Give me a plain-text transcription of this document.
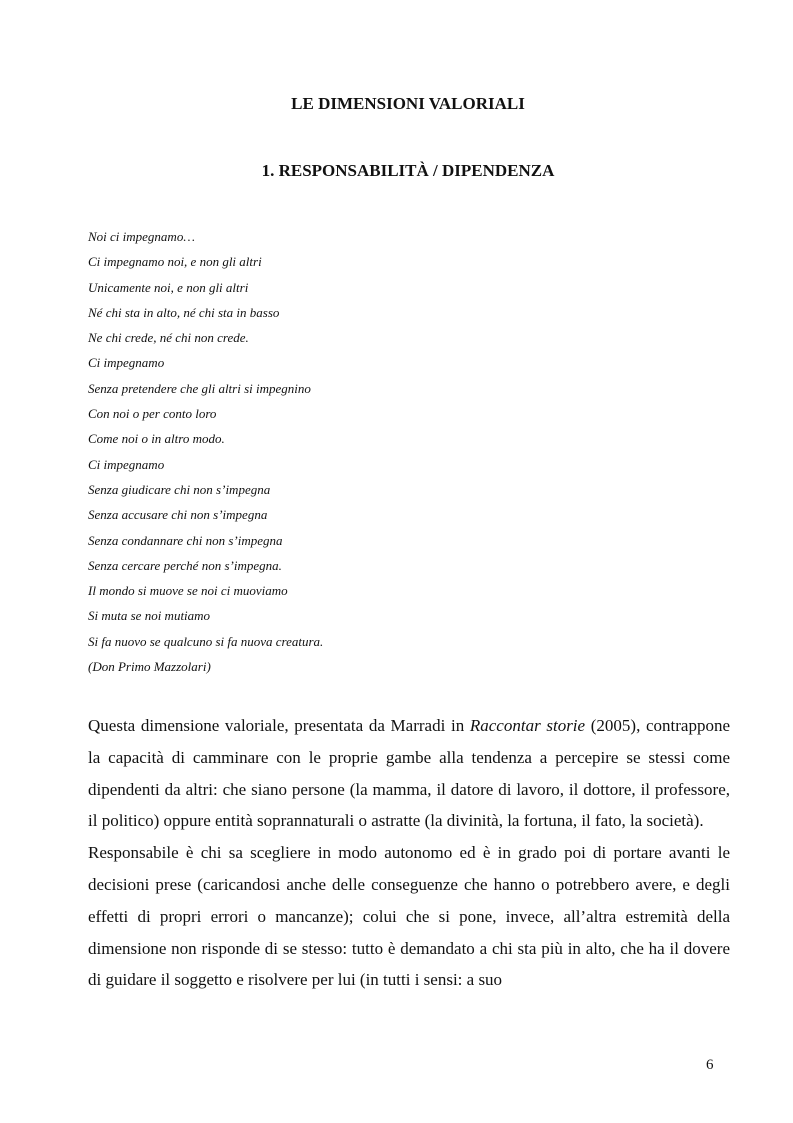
LE DIMENSIONI VALORIALI
1. RESPONSABILITÀ / DIPENDENZA
Noi ci impegnamo…
Ci impegnamo noi, e non gli altri
Unicamente noi, e non gli altri
Né chi sta in alto, né chi sta in basso
Ne chi crede, né chi non crede.
Ci impegnamo
Senza pretendere che gli altri si impegnino
Con noi o per conto loro
Come noi o in altro modo.
Ci impegnamo
Senza giudicare chi non s’impegna
Senza accusare chi non s’impegna
Senza condannare chi non s’impegna
Senza cercare perché non s’impegna.
Il mondo si muove se noi ci muoviamo
Si muta se noi mutiamo
Si fa nuovo se qualcuno si fa nuova creatura.
(Don Primo Mazzolari)

Questa dimensione valoriale, presentata da Marradi in Raccontar storie (2005), contrappone la capacità di camminare con le proprie gambe alla tendenza a percepire se stessi come dipendenti da altri: che siano persone (la mamma, il datore di lavoro, il dottore, il professore, il politico) oppure entità soprannaturali o astratte (la divinità, la fortuna, il fato, la società).

Responsabile è chi sa scegliere in modo autonomo ed è in grado poi di portare avanti le decisioni prese (caricandosi anche delle conseguenze che hanno o potrebbero avere, e degli effetti di propri errori o mancanze); colui che si pone, invece, all’altra estremità della dimensione non risponde di se stesso: tutto è demandato a chi sta più in alto, che ha il dovere di guidare il soggetto e risolvere per lui (in tutti i sensi: a suo

6
